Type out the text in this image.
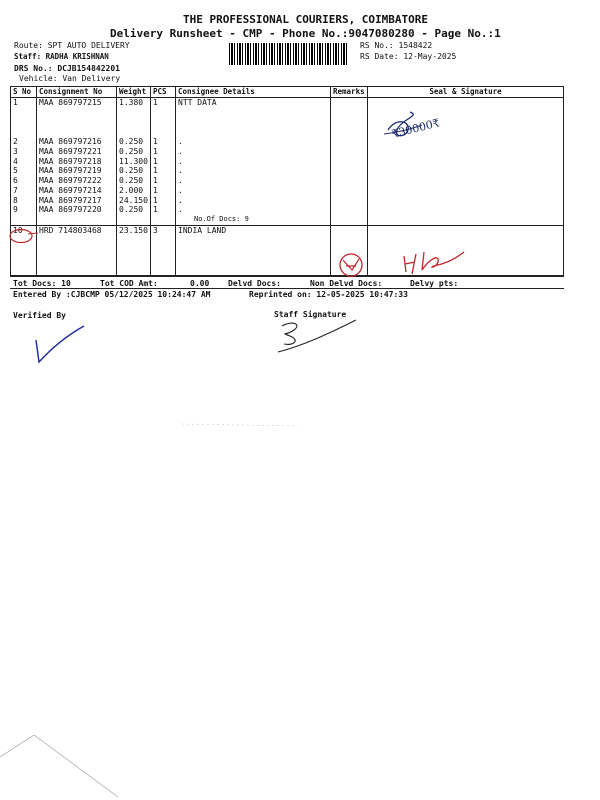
THE PROFESSIONAL COURIERS, COIMBATORE
Delivery Runsheet - CMP - Phone No.:9047080280 - Page No.:1
Route: SPT AUTO DELIVERY
Staff: RADHA KRISHNAN
DRS No.: DCJB154842201
Vehicle: Van Delivery
RS No.: 1548422
RS Date: 12-May-2025
S No	Consignment No	Weight	PCS	Consignee Details	Remarks	Seal & Signature
1	MAA 869797215	1.380	1	NTT DATA		

2	MAA 869797216	0.250	1	.		
3	MAA 869797221	0.250	1	.		
4	MAA 869797218	11.300	1	.		
5	MAA 869797219	0.250	1	.		
6	MAA 869797222	0.250	1	.		
7	MAA 869797214	2.000	1	.		
8	MAA 869797217	24.150	1	.		
9	MAA 869797220	0.250	1	.		
				No.Of Docs: 9		
10	HRD 714803468	23.150	3	INDIA LAND		

Tot Docs: 10	Tot COD Amt:	0.00 Delvd Docs:	Non Delvd Docs:	Delvy pts:
Entered By :CJBCMP 05/12/2025 10:24:47 AM	Reprinted on: 12-05-2025 10:47:33
Verified By	Staff Signature
₹30000₹
